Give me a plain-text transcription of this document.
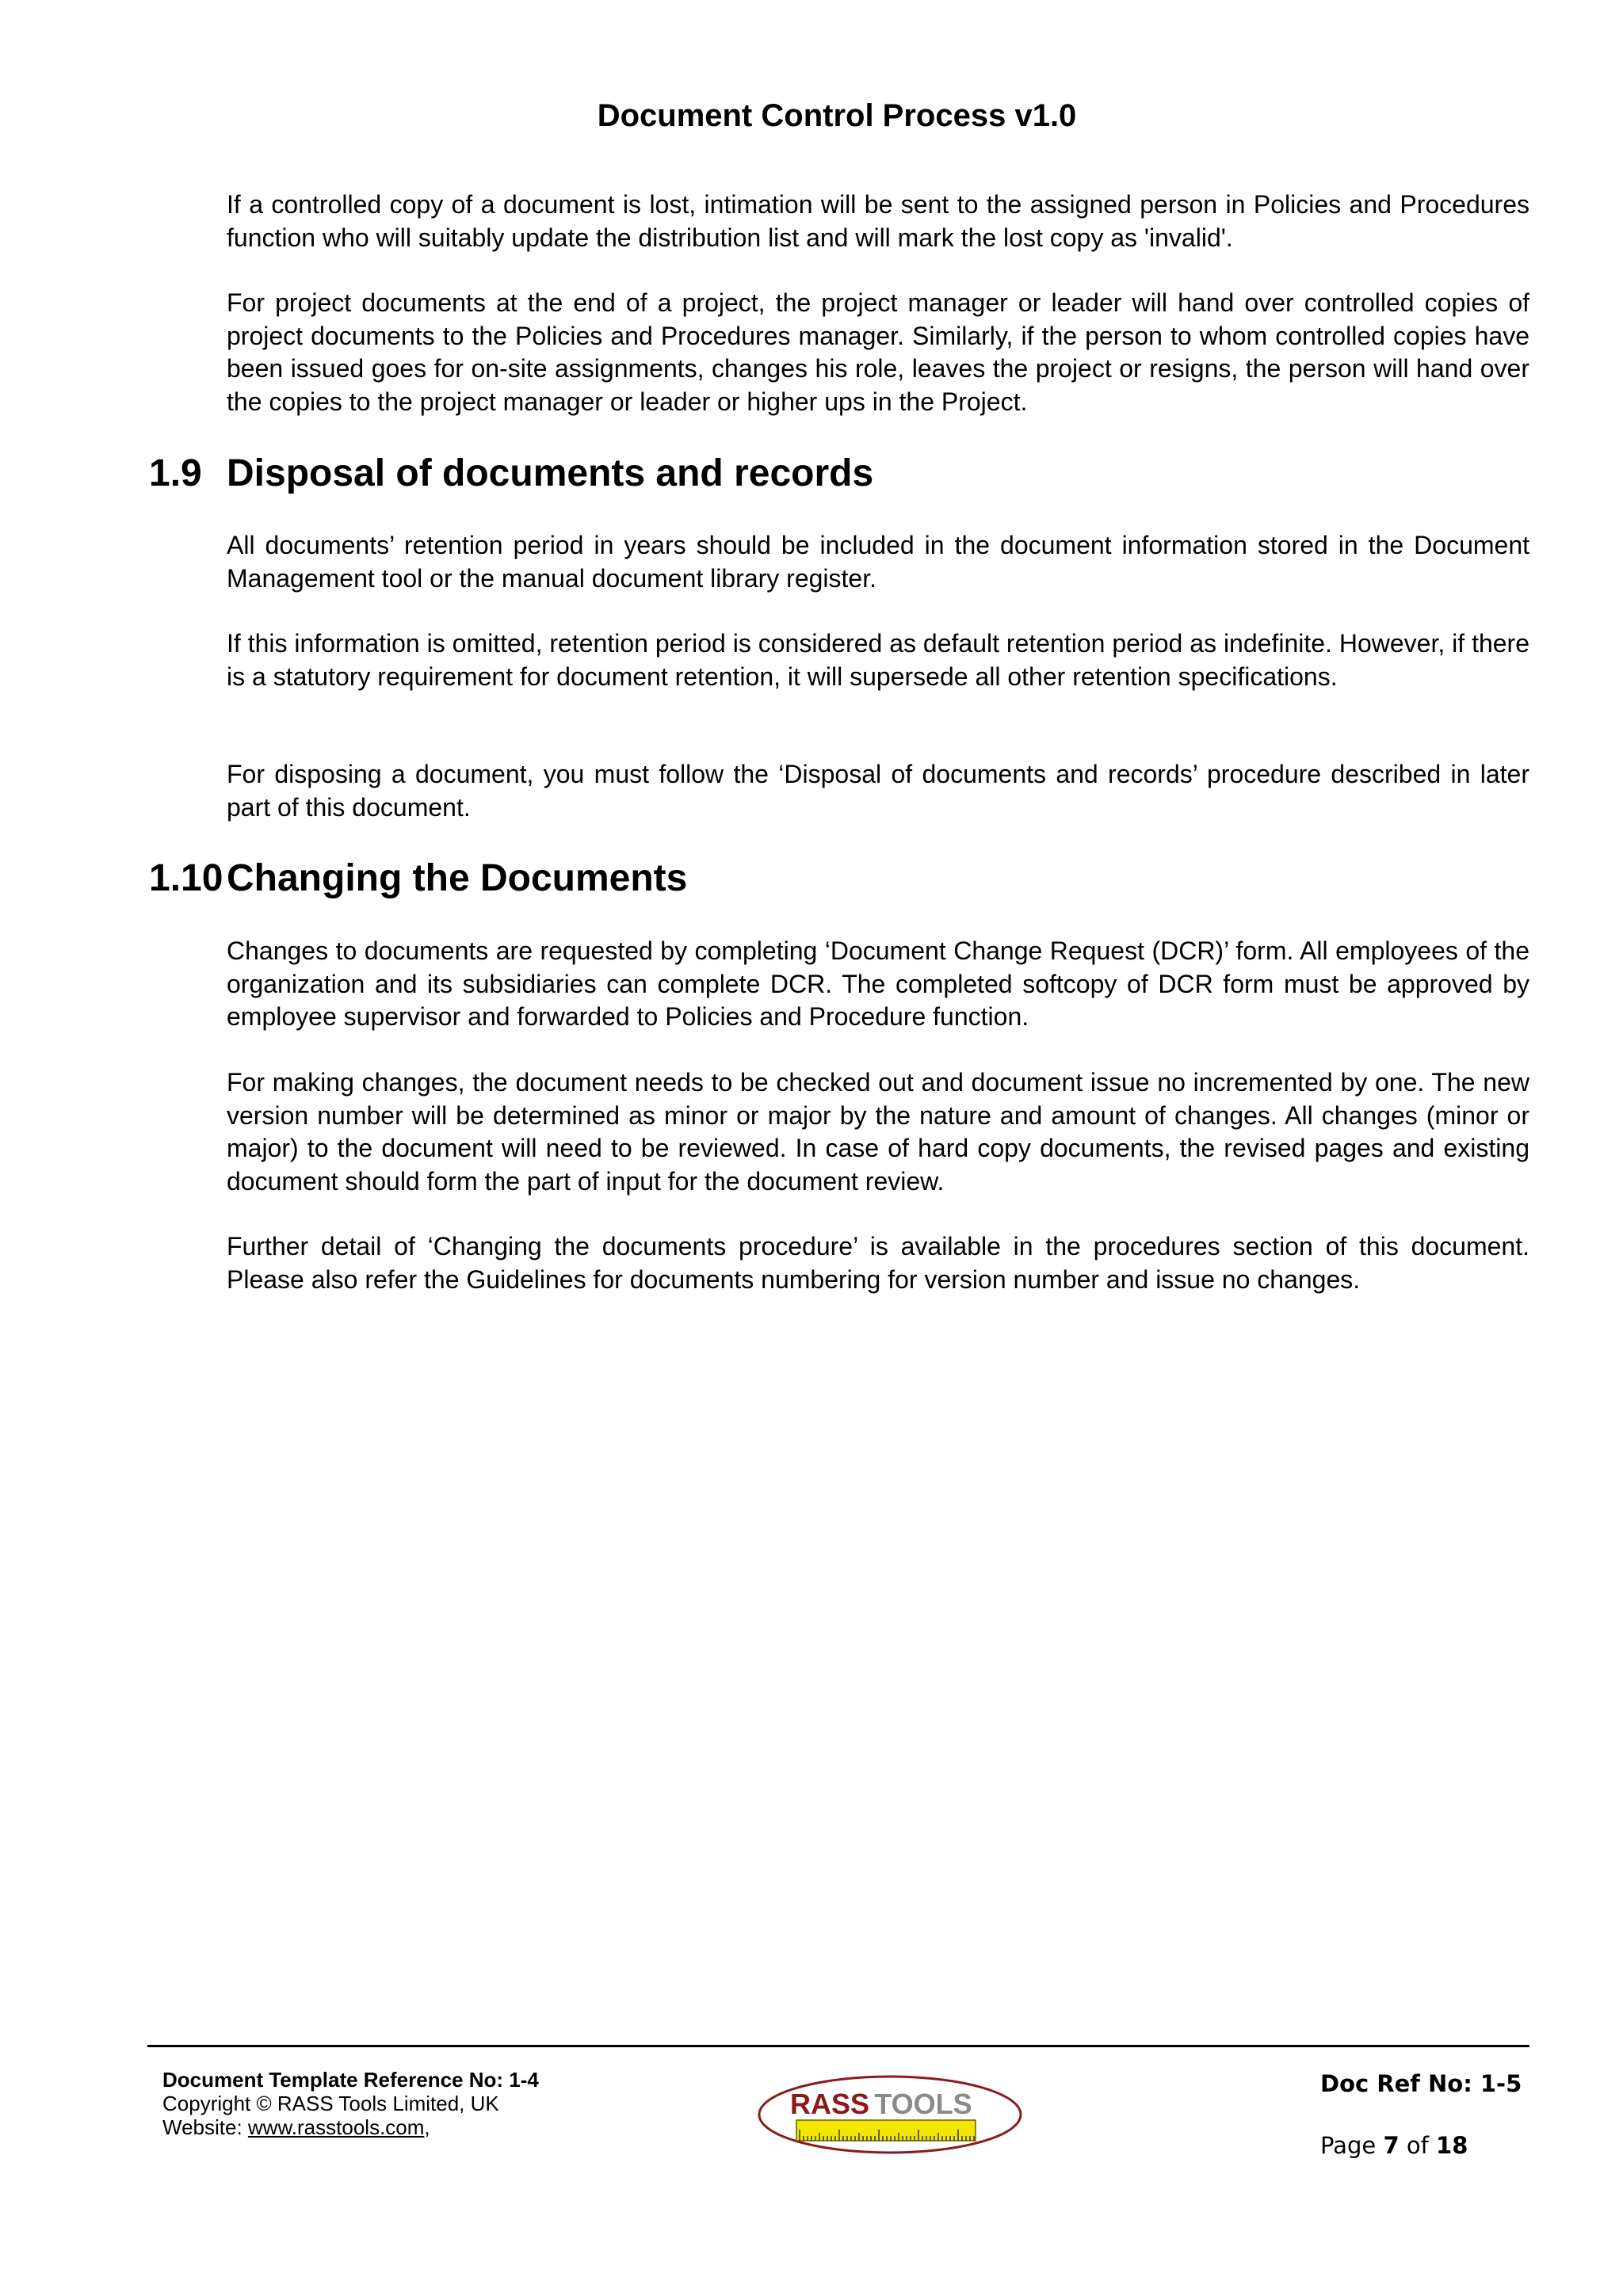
Document Control Process v1.0

If a controlled copy of a document is lost, intimation will be sent to the assigned person in Policies and Procedures function who will suitably update the distribution list and will mark the lost copy as 'invalid'.

For project documents at the end of a project, the project manager or leader will hand over controlled copies of project documents to the Policies and Procedures manager. Similarly, if the person to whom controlled copies have been issued goes for on-site assignments, changes his role, leaves the project or resigns, the person will hand over the copies to the project manager or leader or higher ups in the Project.

1.9 Disposal of documents and records

All documents’ retention period in years should be included in the document information stored in the Document Management tool or the manual document library register.

If this information is omitted, retention period is considered as default retention period as indefinite. However, if there is a statutory requirement for document retention, it will supersede all other retention specifications.

For disposing a document, you must follow the ‘Disposal of documents and records’ procedure described in later part of this document.

1.10Changing the Documents

Changes to documents are requested by completing ‘Document Change Request (DCR)’ form. All employees of the organization and its subsidiaries can complete DCR. The completed softcopy of DCR form must be approved by employee supervisor and forwarded to Policies and Procedure function.

For making changes, the document needs to be checked out and document issue no incremented by one. The new version number will be determined as minor or major by the nature and amount of changes. All changes (minor or major) to the document will need to be reviewed. In case of hard copy documents, the revised pages and existing document should form the part of input for the document review.

Further detail of ‘Changing the documents procedure’ is available in the procedures section of this document. Please also refer the Guidelines for documents numbering for version number and issue no changes.

Document Template Reference No: 1-4
Copyright © RASS Tools Limited, UK
Website: www.rasstools.com,
RASS TOOLS
Doc Ref No: 1-5
Page 7 of 18
